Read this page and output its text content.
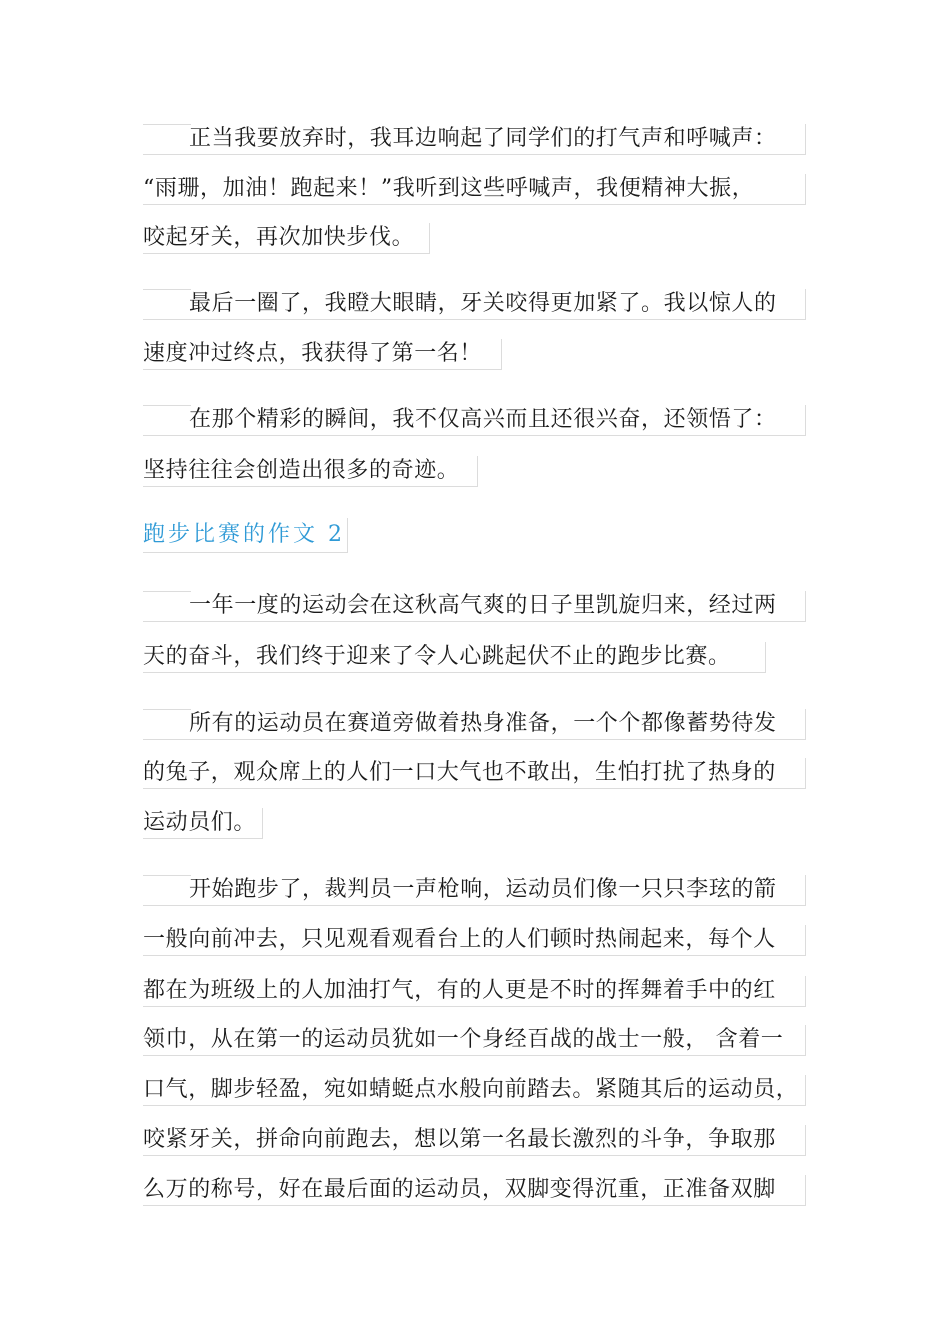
正当我要放弃时，我耳边响起了同学们的打气声和呼喊声：
“雨珊，加油！跑起来！”我听到这些呼喊声，我便精神大振，
咬起牙关，再次加快步伐。
最后一圈了，我瞪大眼睛，牙关咬得更加紧了。我以惊人的
速度冲过终点，我获得了第一名！
在那个精彩的瞬间，我不仅高兴而且还很兴奋，还领悟了：
坚持往往会创造出很多的奇迹。
跑步比赛的作文 2
一年一度的运动会在这秋高气爽的日子里凯旋归来，经过两
天的奋斗，我们终于迎来了令人心跳起伏不止的跑步比赛。
所有的运动员在赛道旁做着热身准备，一个个都像蓄势待发
的兔子，观众席上的人们一口大气也不敢出，生怕打扰了热身的
运动员们。
开始跑步了，裁判员一声枪响，运动员们像一只只李玹的箭
一般向前冲去，只见观看观看台上的人们顿时热闹起来，每个人
都在为班级上的人加油打气，有的人更是不时的挥舞着手中的红
领巾，从在第一的运动员犹如一个身经百战的战士一般， 含着一
口气，脚步轻盈，宛如蜻蜓点水般向前踏去。紧随其后的运动员，
咬紧牙关，拼命向前跑去，想以第一名最长激烈的斗争，争取那
么万的称号，好在最后面的运动员，双脚变得沉重，正准备双脚
